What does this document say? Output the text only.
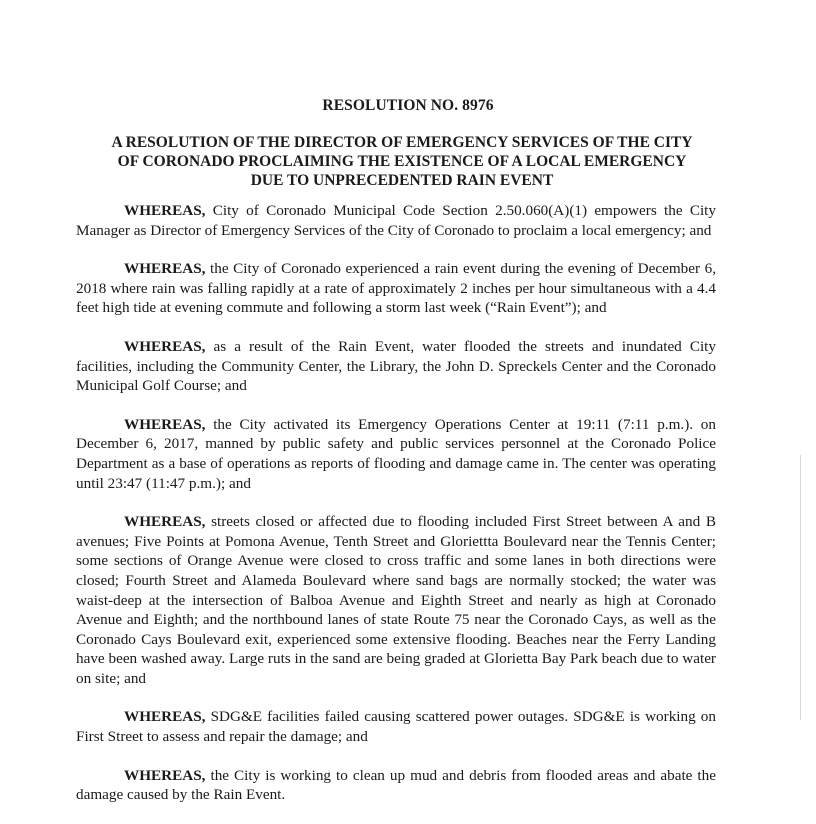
RESOLUTION NO. 8976
A RESOLUTION OF THE DIRECTOR OF EMERGENCY SERVICES OF THE CITY OF CORONADO PROCLAIMING THE EXISTENCE OF A LOCAL EMERGENCY DUE TO UNPRECEDENTED RAIN EVENT

WHEREAS, City of Coronado Municipal Code Section 2.50.060(A)(1) empowers the City Manager as Director of Emergency Services of the City of Coronado to proclaim a local emergency; and

WHEREAS, the City of Coronado experienced a rain event during the evening of December 6, 2018 where rain was falling rapidly at a rate of approximately 2 inches per hour simultaneous with a 4.4 feet high tide at evening commute and following a storm last week (“Rain Event”); and

WHEREAS, as a result of the Rain Event, water flooded the streets and inundated City facilities, including the Community Center, the Library, the John D. Spreckels Center and the Coronado Municipal Golf Course; and

WHEREAS, the City activated its Emergency Operations Center at 19:11 (7:11 p.m.). on December 6, 2017, manned by public safety and public services personnel at the Coronado Police Department as a base of operations as reports of flooding and damage came in. The center was operating until 23:47 (11:47 p.m.); and

WHEREAS, streets closed or affected due to flooding included First Street between A and B avenues; Five Points at Pomona Avenue, Tenth Street and Gloriettta Boulevard near the Tennis Center; some sections of Orange Avenue were closed to cross traffic and some lanes in both directions were closed; Fourth Street and Alameda Boulevard where sand bags are normally stocked; the water was waist-deep at the intersection of Balboa Avenue and Eighth Street and nearly as high at Coronado Avenue and Eighth; and the northbound lanes of state Route 75 near the Coronado Cays, as well as the Coronado Cays Boulevard exit, experienced some extensive flooding. Beaches near the Ferry Landing have been washed away. Large ruts in the sand are being graded at Glorietta Bay Park beach due to water on site; and

WHEREAS, SDG&E facilities failed causing scattered power outages. SDG&E is working on First Street to assess and repair the damage; and

WHEREAS, the City is working to clean up mud and debris from flooded areas and abate the damage caused by the Rain Event.
